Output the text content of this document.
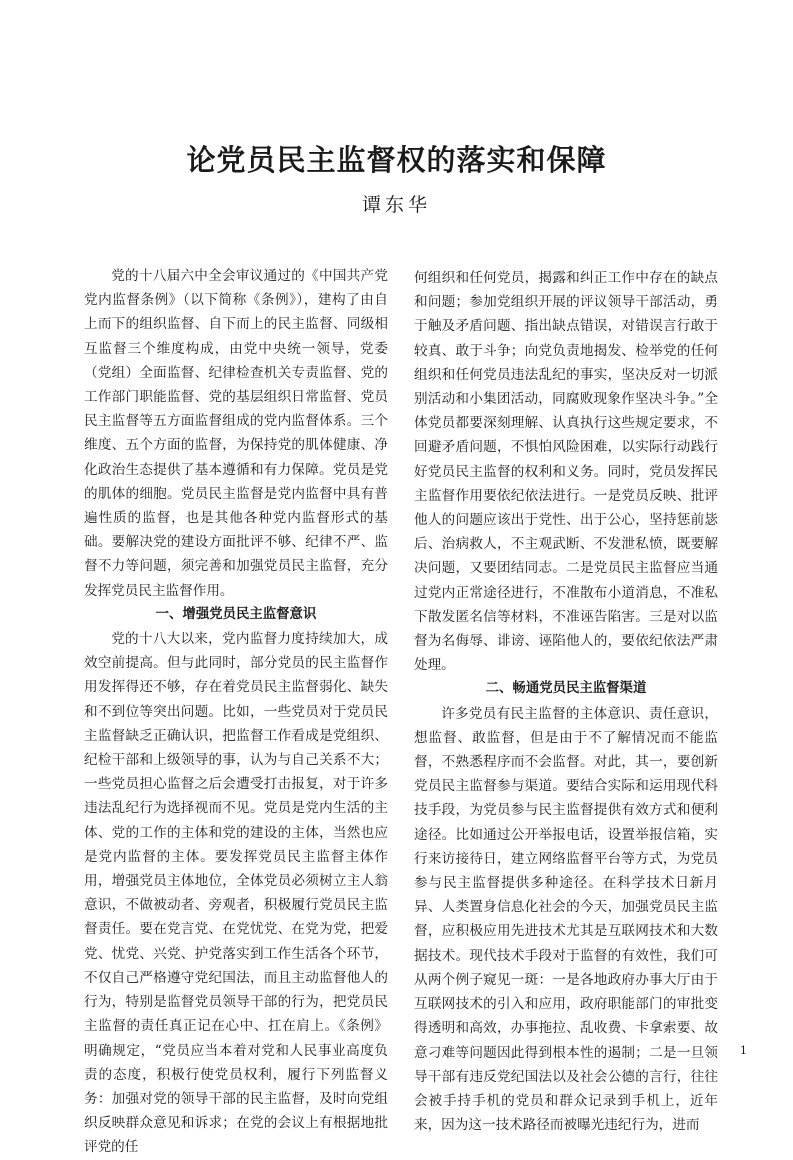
论党员民主监督权的落实和保障

谭东华

党的十八届六中全会审议通过的《中国共产党党内监督条例》（以下简称《条例》），建构了由自上而下的组织监督、自下而上的民主监督、同级相互监督三个维度构成，由党中央统一领导，党委（党组）全面监督、纪律检查机关专责监督、党的工作部门职能监督、党的基层组织日常监督、党员民主监督等五方面监督组成的党内监督体系。三个维度、五个方面的监督，为保持党的肌体健康、净化政治生态提供了基本遵循和有力保障。党员是党的肌体的细胞。党员民主监督是党内监督中具有普遍性质的监督，也是其他各种党内监督形式的基础。要解决党的建设方面批评不够、纪律不严、监督不力等问题，须完善和加强党员民主监督，充分发挥党员民主监督作用。

一、增强党员民主监督意识

党的十八大以来，党内监督力度持续加大，成效空前提高。但与此同时，部分党员的民主监督作用发挥得还不够，存在着党员民主监督弱化、缺失和不到位等突出问题。比如，一些党员对于党员民主监督缺乏正确认识，把监督工作看成是党组织、纪检干部和上级领导的事，认为与自己关系不大；一些党员担心监督之后会遭受打击报复，对于许多违法乱纪行为选择视而不见。党员是党内生活的主体、党的工作的主体和党的建设的主体，当然也应是党内监督的主体。要发挥党员民主监督主体作用，增强党员主体地位，全体党员必须树立主人翁意识，不做被动者、旁观者，积极履行党员民主监督责任。要在党言党、在党忧党、在党为党，把爱党、忧党、兴党、护党落实到工作生活各个环节，不仅自己严格遵守党纪国法，而且主动监督他人的行为，特别是监督党员领导干部的行为，把党员民主监督的责任真正记在心中、扛在肩上。《条例》明确规定，“党员应当本着对党和人民事业高度负责的态度，积极行使党员权利，履行下列监督义务：加强对党的领导干部的民主监督，及时向党组织反映群众意见和诉求；在党的会议上有根据地批评党的任

何组织和任何党员，揭露和纠正工作中存在的缺点和问题；参加党组织开展的评议领导干部活动，勇于触及矛盾问题、指出缺点错误，对错误言行敢于较真、敢于斗争；向党负责地揭发、检举党的任何组织和任何党员违法乱纪的事实，坚决反对一切派别活动和小集团活动，同腐败现象作坚决斗争。”全体党员都要深刻理解、认真执行这些规定要求，不回避矛盾问题，不惧怕风险困难，以实际行动践行好党员民主监督的权利和义务。同时，党员发挥民主监督作用要依纪依法进行。一是党员反映、批评他人的问题应该出于党性、出于公心，坚持惩前毖后、治病救人，不主观武断、不发泄私愤，既要解决问题，又要团结同志。二是党员民主监督应当通过党内正常途径进行，不准散布小道消息，不准私下散发匿名信等材料，不准诬告陷害。三是对以监督为名侮辱、诽谤、诬陷他人的，要依纪依法严肃处理。

二、畅通党员民主监督渠道

许多党员有民主监督的主体意识、责任意识，想监督、敢监督，但是由于不了解情况而不能监督，不熟悉程序而不会监督。对此，其一，要创新党员民主监督参与渠道。要结合实际和运用现代科技手段，为党员参与民主监督提供有效方式和便利途径。比如通过公开举报电话，设置举报信箱，实行来访接待日，建立网络监督平台等方式，为党员参与民主监督提供多种途径。在科学技术日新月异、人类置身信息化社会的今天，加强党员民主监督，应积极应用先进技术尤其是互联网技术和大数据技术。现代技术手段对于监督的有效性，我们可从两个例子窥见一斑：一是各地政府办事大厅由于互联网技术的引入和应用，政府职能部门的审批变得透明和高效，办事拖拉、乱收费、卡拿索要、故意刁难等问题因此得到根本性的遏制；二是一旦领导干部有违反党纪国法以及社会公德的言行，往往会被手持手机的党员和群众记录到手机上，近年来，因为这一技术路径而被曝光违纪行为，进而

1
